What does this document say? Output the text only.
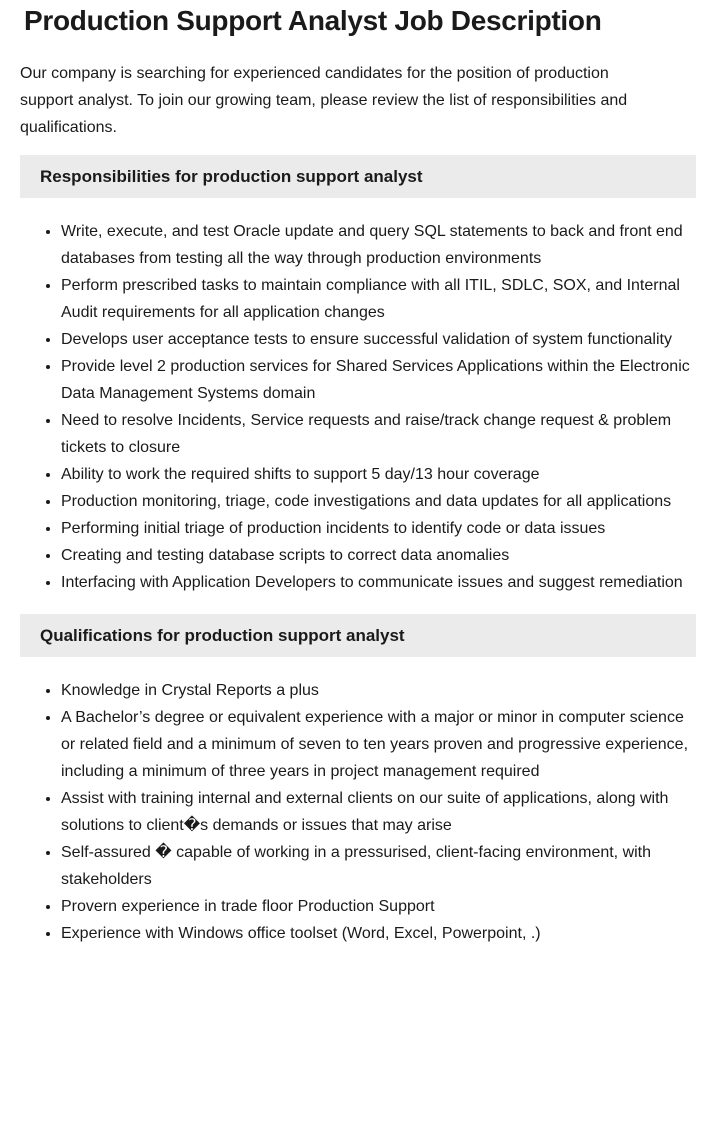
Production Support Analyst Job Description

Our company is searching for experienced candidates for the position of production support analyst. To join our growing team, please review the list of responsibilities and qualifications.

Responsibilities for production support analyst
• Write, execute, and test Oracle update and query SQL statements to back and front end databases from testing all the way through production environments
• Perform prescribed tasks to maintain compliance with all ITIL, SDLC, SOX, and Internal Audit requirements for all application changes
• Develops user acceptance tests to ensure successful validation of system functionality
• Provide level 2 production services for Shared Services Applications within the Electronic Data Management Systems domain
• Need to resolve Incidents, Service requests and raise/track change request & problem tickets to closure
• Ability to work the required shifts to support 5 day/13 hour coverage
• Production monitoring, triage, code investigations and data updates for all applications
• Performing initial triage of production incidents to identify code or data issues
• Creating and testing database scripts to correct data anomalies
• Interfacing with Application Developers to communicate issues and suggest remediation
Qualifications for production support analyst
• Knowledge in Crystal Reports a plus
• A Bachelor’s degree or equivalent experience with a major or minor in computer science or related field and a minimum of seven to ten years proven and progressive experience, including a minimum of three years in project management required
• Assist with training internal and external clients on our suite of applications, along with solutions to client�s demands or issues that may arise
• Self-assured � capable of working in a pressurised, client-facing environment, with stakeholders
• Provern experience in trade floor Production Support
• Experience with Windows office toolset (Word, Excel, Powerpoint, .)
